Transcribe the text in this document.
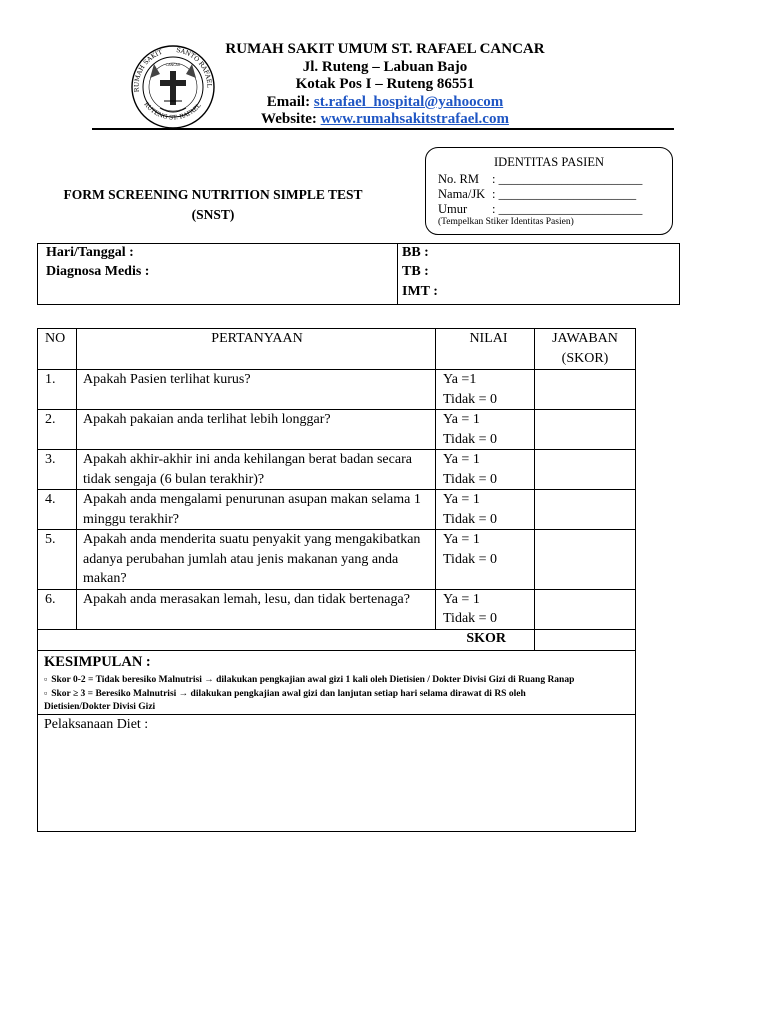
RUMAH SAKIT SANTO RAFAEL
RUTENG ST. RAFAEL
CANCAR
RUMAH SAKIT UMUM ST. RAFAEL CANCAR
Jl. Ruteng – Labuan Bajo
Kotak Pos I – Ruteng 86551
Email: st.rafael_hospital@yahoocom
Website: www.rumahsakitstrafael.com
IDENTITAS PASIEN
No. RM : _______________________
Nama/JK : ______________________
Umur : _______________________
(Tempelkan Stiker Identitas Pasien)
FORM SCREENING NUTRITION SIMPLE TEST
(SNST)
Hari/Tanggal :
Diagnosa Medis :
BB :
TB :
IMT :
NO	PERTANYAAN	NILAI	JAWABAN
(SKOR)

1.	Apakah Pasien terlihat kurus?	Ya =1
Tidak = 0	

2.	Apakah pakaian anda terlihat lebih longgar?	Ya = 1
Tidak = 0	

3.	Apakah akhir-akhir ini anda kehilangan berat badan secara tidak sengaja (6 bulan terakhir)?	Ya = 1
Tidak = 0	

4.	Apakah anda mengalami penurunan asupan makan selama 1 minggu terakhir?	Ya = 1
Tidak = 0	

5.	Apakah anda menderita suatu penyakit yang mengakibatkan adanya perubahan jumlah atau jenis makanan yang anda makan?	Ya = 1
Tidak = 0	

6.	Apakah anda merasakan lemah, lesu, dan tidak bertenaga?	Ya = 1
Tidak = 0	

SKOR			

KESIMPULAN :
▫ Skor 0-2 = Tidak beresiko Malnutrisi → dilakukan pengkajian awal gizi 1 kali oleh Dietisien / Dokter Divisi Gizi di Ruang Ranap
▫ Skor ≥ 3 = Beresiko Malnutrisi → dilakukan pengkajian awal gizi dan lanjutan setiap hari selama dirawat di RS oleh
Dietisien/Dokter Divisi Gizi			

Pelaksanaan Diet :			
